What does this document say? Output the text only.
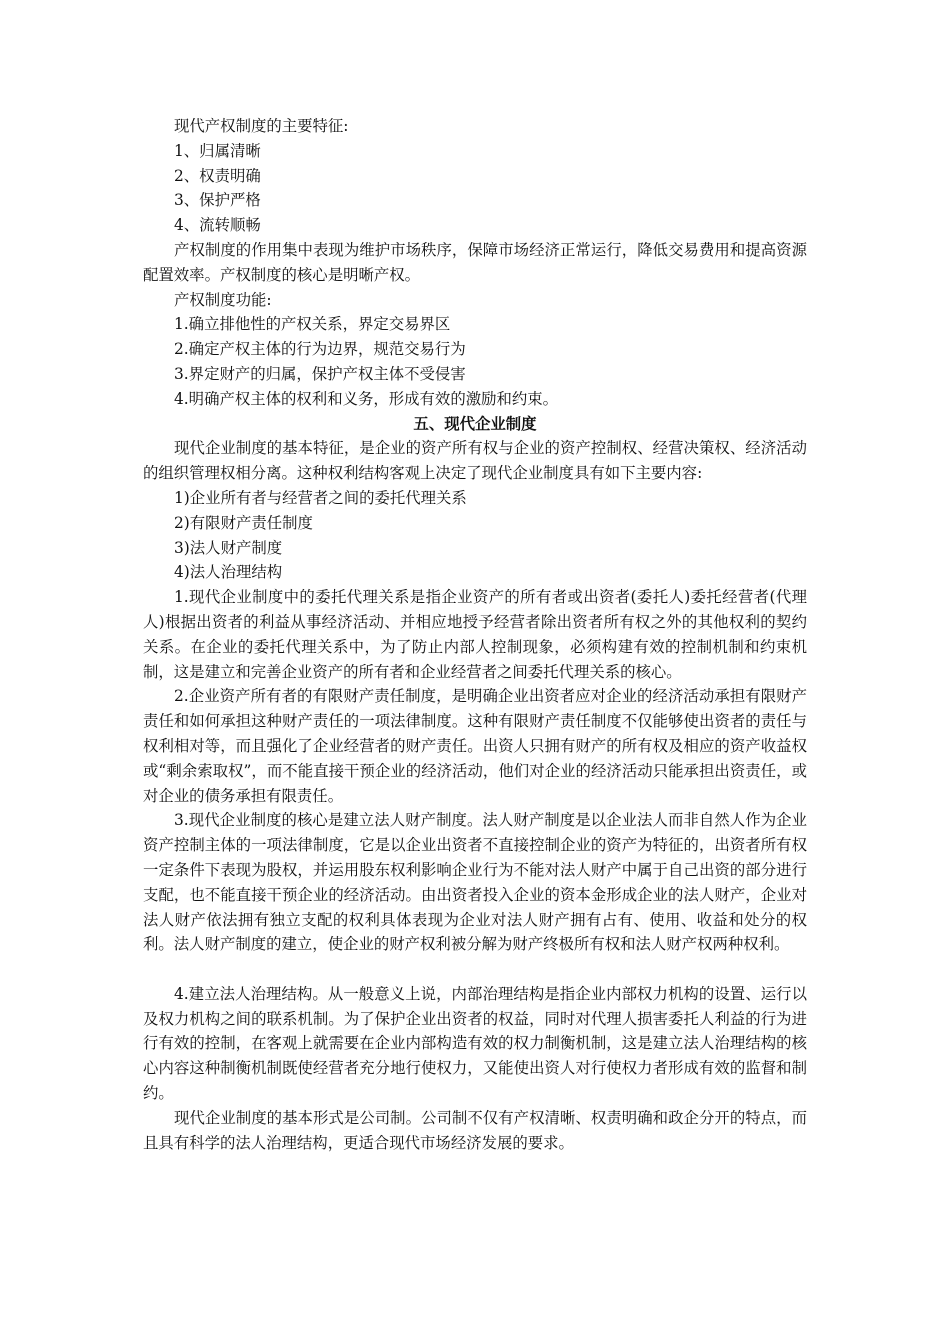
现代产权制度的主要特征:

1、归属清晰

2、权责明确

3、保护严格

4、流转顺畅

产权制度的作用集中表现为维护市场秩序，保障市场经济正常运行，降低交易费用和提高资源配置效率。产权制度的核心是明晰产权。

产权制度功能:

1.确立排他性的产权关系，界定交易界区

2.确定产权主体的行为边界，规范交易行为

3.界定财产的归属，保护产权主体不受侵害

4.明确产权主体的权利和义务，形成有效的激励和约束。

五、现代企业制度

现代企业制度的基本特征，是企业的资产所有权与企业的资产控制权、经营决策权、经济活动的组织管理权相分离。这种权利结构客观上决定了现代企业制度具有如下主要内容:

1)企业所有者与经营者之间的委托代理关系

2)有限财产责任制度

3)法人财产制度

4)法人治理结构

1.现代企业制度中的委托代理关系是指企业资产的所有者或出资者(委托人)委托经营者(代理人)根据出资者的利益从事经济活动、并相应地授予经营者除出资者所有权之外的其他权利的契约关系。在企业的委托代理关系中，为了防止内部人控制现象，必须构建有效的控制机制和约束机制，这是建立和完善企业资产的所有者和企业经营者之间委托代理关系的核心。

2.企业资产所有者的有限财产责任制度，是明确企业出资者应对企业的经济活动承担有限财产责任和如何承担这种财产责任的一项法律制度。这种有限财产责任制度不仅能够使出资者的责任与权利相对等，而且强化了企业经营者的财产责任。出资人只拥有财产的所有权及相应的资产收益权或“剩余索取权”，而不能直接干预企业的经济活动，他们对企业的经济活动只能承担出资责任，或对企业的债务承担有限责任。

3.现代企业制度的核心是建立法人财产制度。法人财产制度是以企业法人而非自然人作为企业资产控制主体的一项法律制度，它是以企业出资者不直接控制企业的资产为特征的，出资者所有权一定条件下表现为股权，并运用股东权利影响企业行为不能对法人财产中属于自己出资的部分进行支配，也不能直接干预企业的经济活动。由出资者投入企业的资本金形成企业的法人财产，企业对法人财产依法拥有独立支配的权利具体表现为企业对法人财产拥有占有、使用、收益和处分的权利。法人财产制度的建立，使企业的财产权利被分解为财产终极所有权和法人财产权两种权利。

4.建立法人治理结构。从一般意义上说，内部治理结构是指企业内部权力机构的设置、运行以及权力机构之间的联系机制。为了保护企业出资者的权益，同时对代理人损害委托人利益的行为进行有效的控制，在客观上就需要在企业内部构造有效的权力制衡机制，这是建立法人治理结构的核心内容这种制衡机制既使经营者充分地行使权力，又能使出资人对行使权力者形成有效的监督和制约。

现代企业制度的基本形式是公司制。公司制不仅有产权清晰、权责明确和政企分开的特点，而且具有科学的法人治理结构，更适合现代市场经济发展的要求。
